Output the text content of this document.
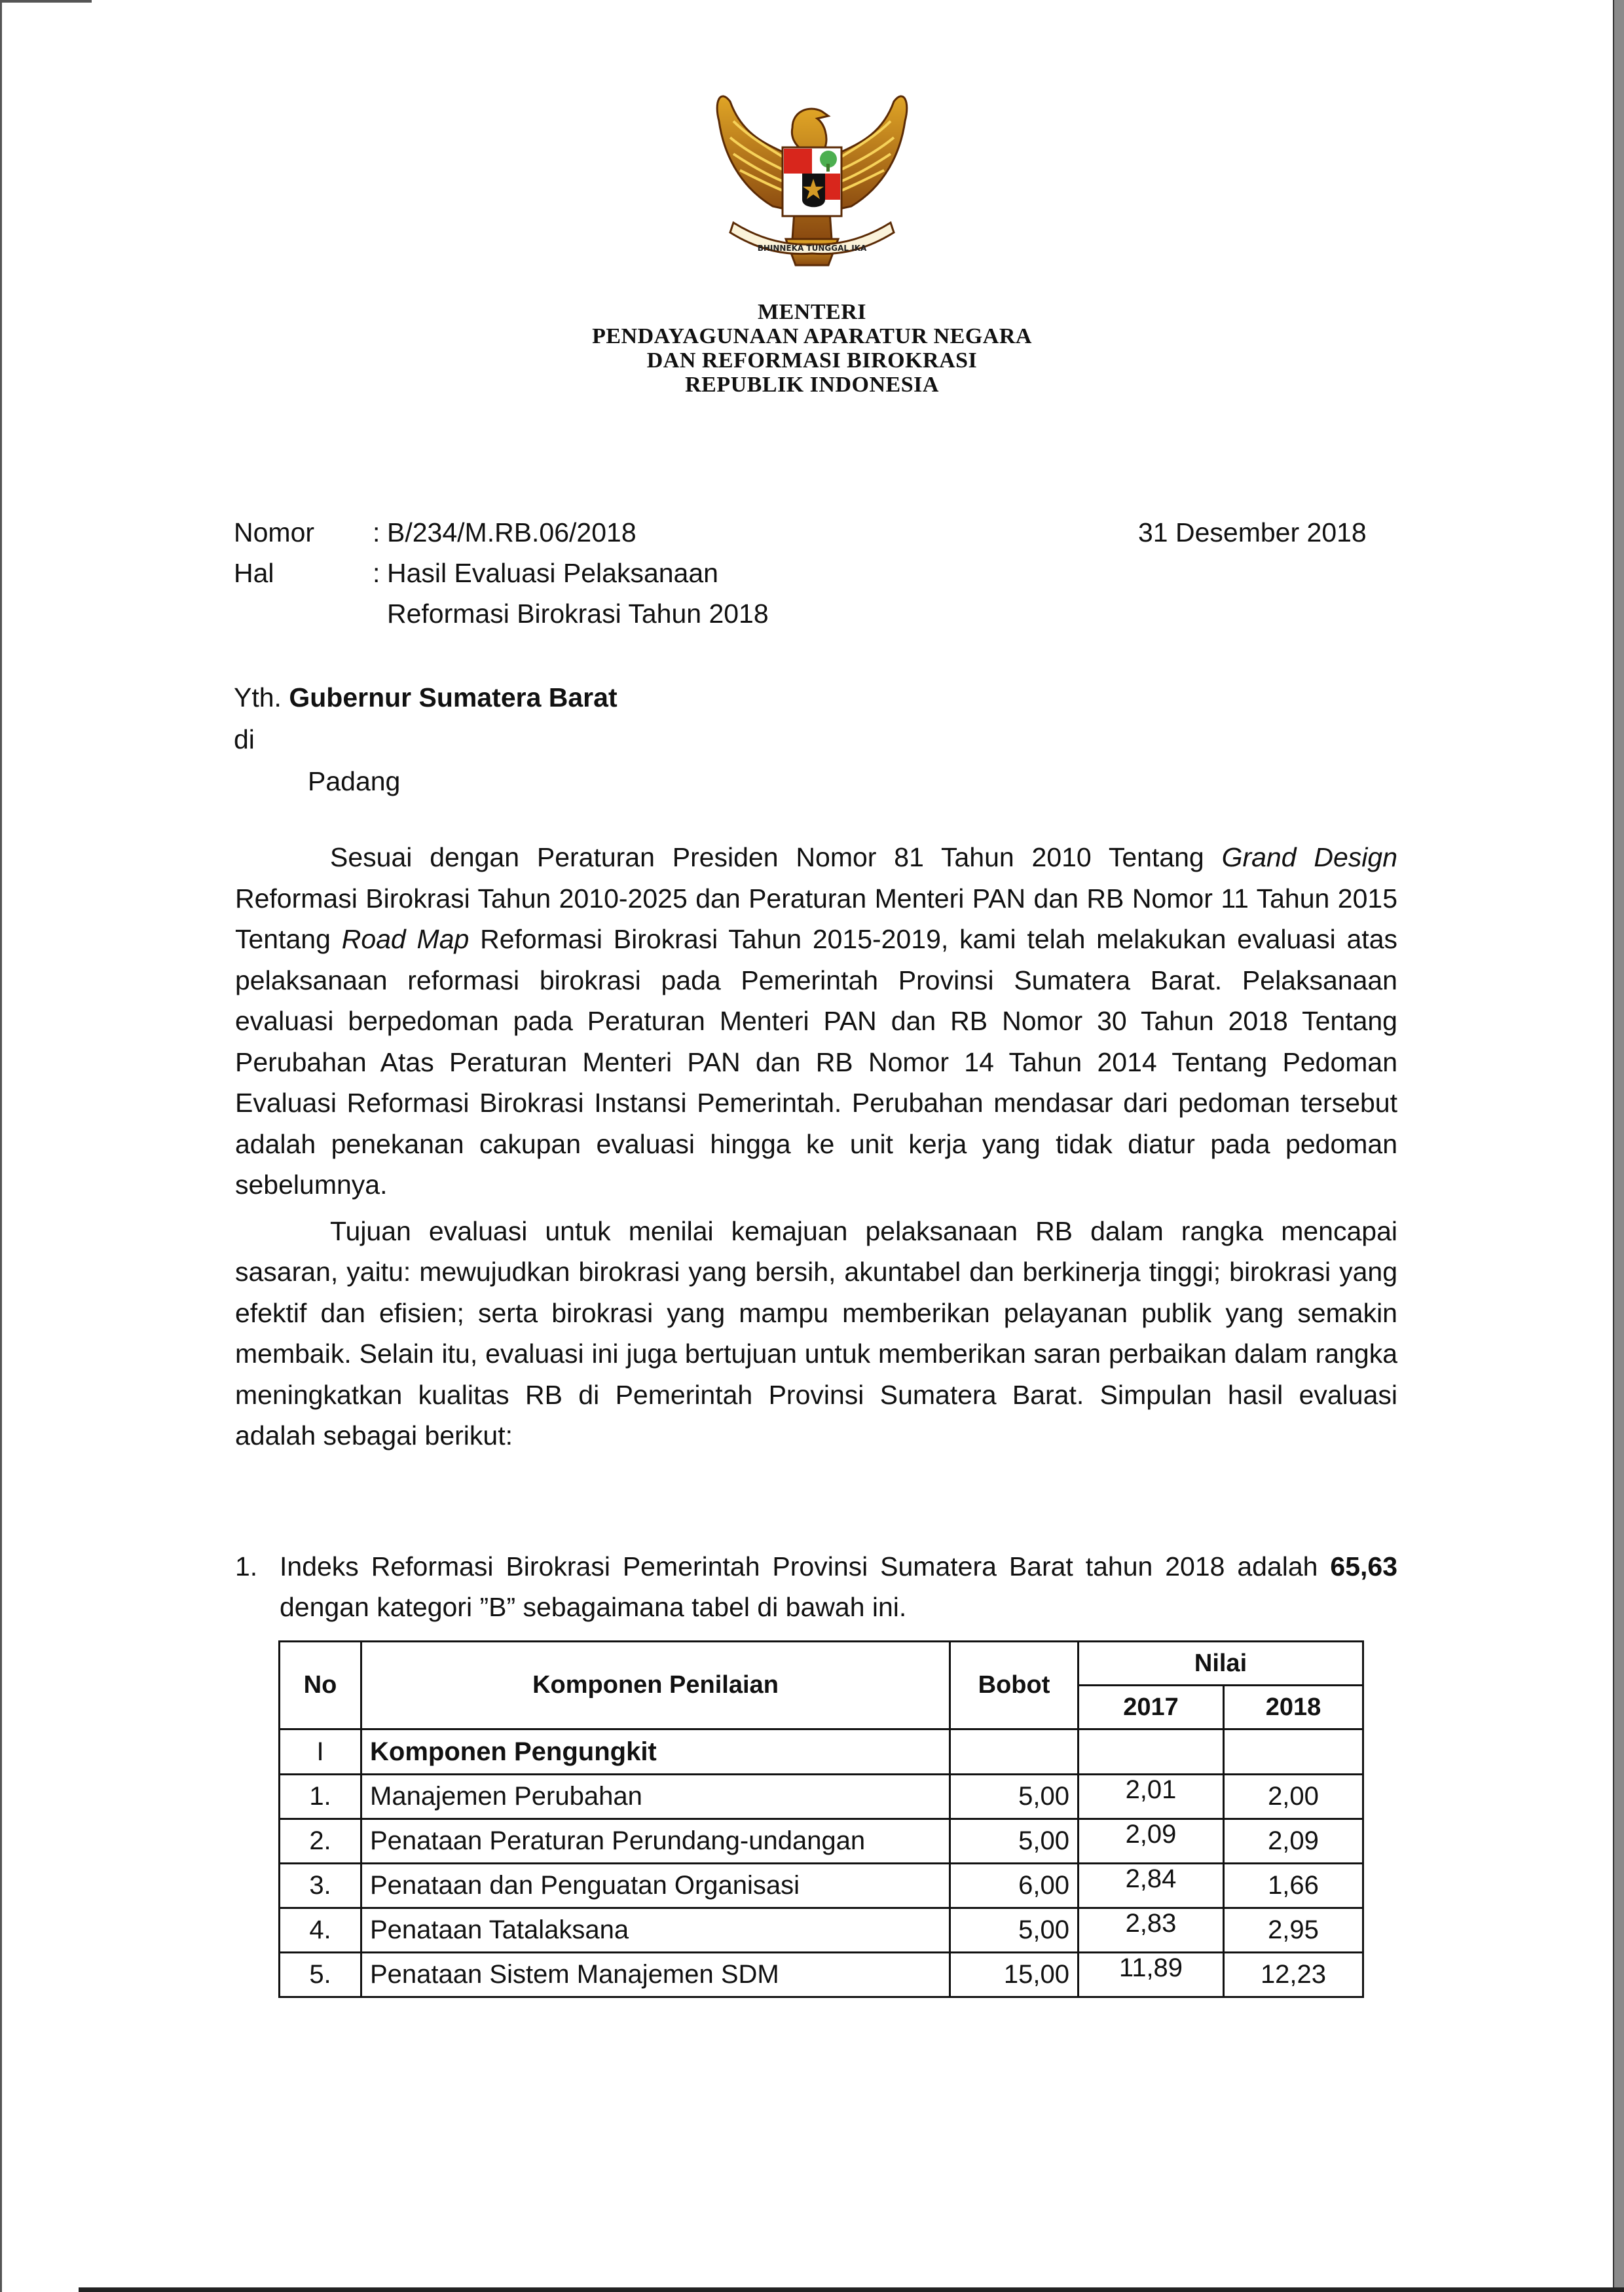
BHINNEKA TUNGGAL IKA
MENTERI
PENDAYAGUNAAN APARATUR NEGARA
DAN REFORMASI BIROKRASI
REPUBLIK INDONESIA
Nomor	: B/234/M.RB.06/2018
Hal	: Hasil Evaluasi Pelaksanaan
Reformasi Birokrasi Tahun 2018
31 Desember 2018
Yth. Gubernur Sumatera Barat
di
Padang

Sesuai dengan Peraturan Presiden Nomor 81 Tahun 2010 Tentang Grand Design Reformasi Birokrasi Tahun 2010-2025 dan Peraturan Menteri PAN dan RB Nomor 11 Tahun 2015 Tentang Road Map Reformasi Birokrasi Tahun 2015-2019, kami telah melakukan evaluasi atas pelaksanaan reformasi birokrasi pada Pemerintah Provinsi Sumatera Barat. Pelaksanaan evaluasi berpedoman pada Peraturan Menteri PAN dan RB Nomor 30 Tahun 2018 Tentang Perubahan Atas Peraturan Menteri PAN dan RB Nomor 14 Tahun 2014 Tentang Pedoman Evaluasi Reformasi Birokrasi Instansi Pemerintah. Perubahan mendasar dari pedoman tersebut adalah penekanan cakupan evaluasi hingga ke unit kerja yang tidak diatur pada pedoman sebelumnya.

Tujuan evaluasi untuk menilai kemajuan pelaksanaan RB dalam rangka mencapai sasaran, yaitu: mewujudkan birokrasi yang bersih, akuntabel dan berkinerja tinggi; birokrasi yang efektif dan efisien; serta birokrasi yang mampu memberikan pelayanan publik yang semakin membaik. Selain itu, evaluasi ini juga bertujuan untuk memberikan saran perbaikan dalam rangka meningkatkan kualitas RB di Pemerintah Provinsi Sumatera Barat. Simpulan hasil evaluasi adalah sebagai berikut:

1. Indeks Reformasi Birokrasi Pemerintah Provinsi Sumatera Barat tahun 2018 adalah 65,63 dengan kategori ”B” sebagaimana tabel di bawah ini.
No	Komponen Penilaian	Bobot	Nilai	
			2017	2018
I	Komponen Pengungkit			
1.	Manajemen Perubahan	5,00	2,01	2,00
2.	Penataan Peraturan Perundang-undangan	5,00	2,09	2,09
3.	Penataan dan Penguatan Organisasi	6,00	2,84	1,66
4.	Penataan Tatalaksana	5,00	2,83	2,95
5.	Penataan Sistem Manajemen SDM	15,00	11,89	12,23
